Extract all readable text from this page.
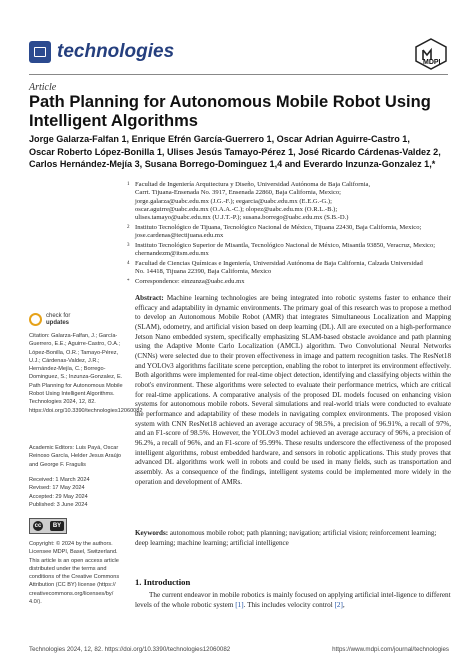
technologies
MDPI
Article
Path Planning for Autonomous Mobile Robot Using Intelligent Algorithms
Jorge Galarza-Falfan 1, Enrique Efrén García-Guerrero 1, Oscar Adrian Aguirre-Castro 1,
Oscar Roberto López-Bonilla 1, Ulises Jesús Tamayo-Pérez 1, José Ricardo Cárdenas-Valdez 2,
Carlos Hernández-Mejía 3, Susana Borrego-Dominguez 1,4 and Everardo Inzunza-Gonzalez 1,*
1 Facultad de Ingeniería Arquitectura y Diseño, Universidad Autónoma de Baja California,
Carrt. Tijuana-Ensenada No. 3917, Ensenada 22860, Baja California, Mexico;
jorge.galarza@uabc.edu.mx (J.G.-F.); eegarcia@uabc.edu.mx (E.E.G.-G.);
oscar.aguirre@uabc.edu.mx (O.A.A.-C.); olopez@uabc.edu.mx (O.R.L.-B.);
ulises.tamayo@uabc.edu.mx (U.J.T.-P.); susana.borrego@uabc.edu.mx (S.B.-D.)
2 Instituto Tecnológico de Tijuana, Tecnológico Nacional de México, Tijuana 22430, Baja California, Mexico;
jose.cardenas@tectijuana.edu.mx
3 Instituto Tecnológico Superior de Misantla, Tecnológico Nacional de México, Misantla 93850, Veracruz, Mexico;
chernandezm@itsm.edu.mx
4 Facultad de Ciencias Químicas e Ingeniería, Universidad Autónoma de Baja California, Calzada Universidad
No. 14418, Tijuana 22390, Baja California, Mexico
* Correspondence: einzunza@uabc.edu.mx
check for
updates
Citation: Galarza-Falfan, J.; García-Guerrero, E.E.; Aguirre-Castro, O.A.; López-Bonilla, O.R.; Tamayo-Pérez, U.J.; Cárdenas-Valdez, J.R.; Hernández-Mejía, C.; Borrego-Dominguez, S.; Inzunza-Gonzalez, E. Path Planning for Autonomous Mobile Robot Using Intelligent Algorithms. Technologies 2024, 12, 82. https://doi.org/10.3390/technologies12060082
Academic Editors: Luis Payá, Oscar Reinoso García, Helder Jesus Araújo and George F. Fragulis
Received: 1 March 2024
Revised: 17 May 2024
Accepted: 29 May 2024
Published: 3 June 2024
cc	BY
Copyright: © 2024 by the authors. Licensee MDPI, Basel, Switzerland. This article is an open access article distributed under the terms and conditions of the Creative Commons Attribution (CC BY) license (https:// creativecommons.org/licenses/by/ 4.0/).
Abstract: Machine learning technologies are being integrated into robotic systems faster to enhance their efficacy and adaptability in dynamic environments. The primary goal of this research was to propose a method to develop an Autonomous Mobile Robot (AMR) that integrates Simultaneous Localization and Mapping (SLAM), odometry, and artificial vision based on deep learning (DL). All are executed on a high-performance Jetson Nano embedded system, specifically emphasizing SLAM-based obstacle avoidance and path planning using the Adaptive Monte Carlo Localization (AMCL) algorithm. Two Convolutional Neural Networks (CNNs) were selected due to their proven effectiveness in image and pattern recognition tasks. The ResNet18 and YOLOv3 algorithms facilitate scene perception, enabling the robot to interpret its environment effectively. Both algorithms were implemented for real-time object detection, identifying and classifying objects within the robot's environment. These algorithms were selected to evaluate their performance metrics, which are critical for real-time applications. A comparative analysis of the proposed DL models focused on enhancing vision systems for autonomous mobile robots. Several simulations and real-world trials were conducted to evaluate the performance and adaptability of these models in navigating complex environments. The proposed vision system with CNN ResNet18 achieved an average accuracy of 98.5%, a precision of 96.91%, a recall of 97%, and an F1-score of 98.5%. However, the YOLOv3 model achieved an average accuracy of 96%, a precision of 96.2%, a recall of 96%, and an F1-score of 95.99%. These results underscore the effectiveness of the proposed intelligent algorithms, robust embedded hardware, and sensors in robotic applications. This study proves that advanced DL algorithms work well in robots and could be used in many fields, such as transportation and assembly. As a consequence of the findings, intelligent systems could be implemented more widely in the operation and development of AMRs.
Keywords: autonomous mobile robot; path planning; navigation; artificial vision; reinforcement learning; deep learning; machine learning; artificial intelligence
1. Introduction
The current endeavor in mobile robotics is mainly focused on applying artificial intel-ligence to different levels of the whole robotic system [1]. This includes velocity control [2],
Technologies 2024, 12, 82. https://doi.org/10.3390/technologies12060082	https://www.mdpi.com/journal/technologies
